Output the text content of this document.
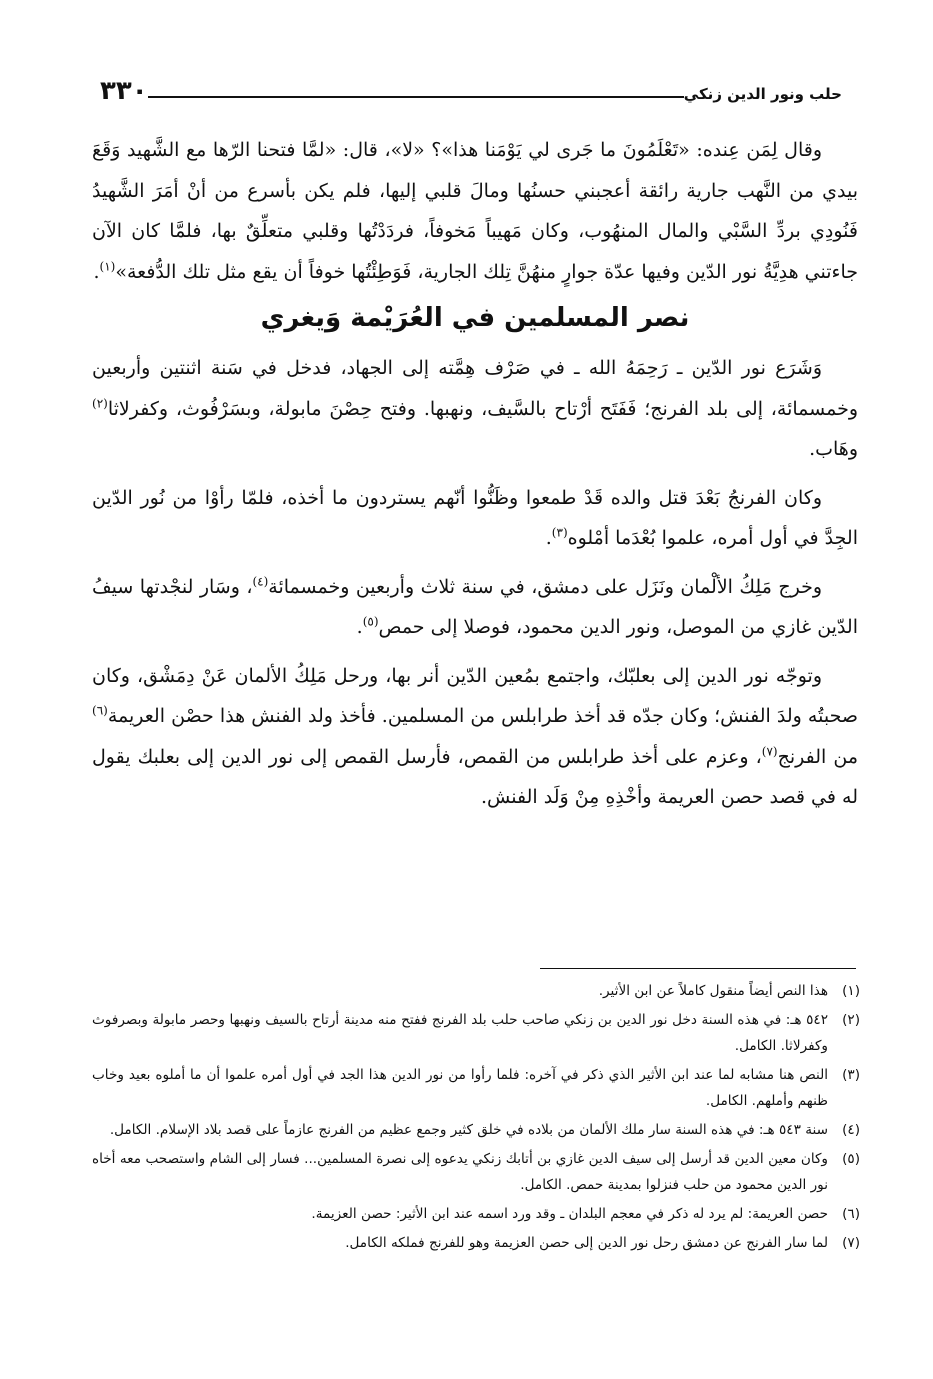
حلب ونور الدين زنكي
٣٣٠

وقال لِمَن عِنده: «تَعْلَمُونَ ما جَرى لي يَوْمَنا هذا»؟ «لا»، قال: «لمَّا فتحنا الرّها مع الشَّهيد وَقَعَ بيدي من النَّهب جارية رائقة أعجبني حسنُها ومالَ قلبي إليها، فلم يكن بأسرع من أنْ أمَرَ الشَّهيدُ فَنُودِي بردِّ السَّبْي والمال المنهُوب، وكان مَهيباً مَخوفاً، فردَدْتُها وقلبي متعلِّقٌ بها، فلمَّا كان الآن جاءتني هدِيَّةُ نور الدّين وفيها عدّة جوارٍ منهُنَّ تِلك الجارية، فَوَطِئْتُها خوفاً أن يقع مثل تلك الدُّفعة»$^{(١)}$.

نصر المسلمين في العُرَيْمة وَيغري

وَشَرَع نور الدّين ـ رَحِمَهُ الله ـ في صَرْف هِمَّته إلى الجهاد، فدخل في سَنة اثنتين وأربعين وخمسمائة، إلى بلد الفرنج؛ فَفَتَح أرْتاح بالسَّيف، ونهبها. وفتح حِصْنَ مابولة، وبسَرْفُوث، وكفرلاثا$^{(٢)}$ وهَاب.

وكان الفرنجُ بَعْدَ قتل والده قَدْ طمعوا وظَنُّوا أنّهم يستردون ما أخذه، فلمّا رأوْا من نُور الدّين الجِدَّ في أول أمره، علموا بُعْدَما أمْلوه$^{(٣)}$.

وخرج مَلِكُ الألْمان ونَزَل على دمشق، في سنة ثلاث وأربعين وخمسمائة$^{(٤)}$، وسَار لنجْدتها سيفُ الدّين غازي من الموصل، ونور الدين محمود، فوصلا إلى حمص$^{(٥)}$.

وتوجّه نور الدين إلى بعلبّك، واجتمع بمُعين الدّين أنر بها، ورحل مَلِكُ الألمان عَنْ دِمَشْق، وكان صحبتُه ولدَ الفنش؛ وكان جدّه قد أخذ طرابلس من المسلمين. فأخذ ولد الفنش هذا حصْن العريمة$^{(٦)}$ من الفرنج$^{(٧)}$، وعزم على أخذ طرابلس من القمص، فأرسل القمص إلى نور الدين إلى بعلبك يقول له في قصد حصن العريمة وأخْذِهِ مِنْ وَلَد الفنش.

(١)
هذا النص أيضاً منقول كاملاً عن ابن الأثير.
(٢)
٥٤٢ هـ: في هذه السنة دخل نور الدين بن زنكي صاحب حلب بلد الفرنج ففتح منه مدينة أرتاح بالسيف ونهبها وحصر مابولة وبصرفوث وكفرلاثا. الكامل.
(٣)
النص هنا مشابه لما عند ابن الأثير الذي ذكر في آخره: فلما رأوا من نور الدين هذا الجد في أول أمره علموا أن ما أملوه بعيد وخاب ظنهم وأملهم. الكامل.
(٤)
سنة ٥٤٣ هـ: في هذه السنة سار ملك الألمان من بلاده في خلق كثير وجمع عظيم من الفرنج عازماً على قصد بلاد الإسلام. الكامل.
(٥)
وكان معين الدين قد أرسل إلى سيف الدين غازي بن أتابك زنكي يدعوه إلى نصرة المسلمين... فسار إلى الشام واستصحب معه أخاه نور الدين محمود من حلب فنزلوا بمدينة حمص. الكامل.
(٦)
حصن العريمة: لم يرد له ذكر في معجم البلدان ـ وقد ورد اسمه عند ابن الأثير: حصن العزيمة.
(٧)
لما سار الفرنج عن دمشق رحل نور الدين إلى حصن العزيمة وهو للفرنج فملكه الكامل.
